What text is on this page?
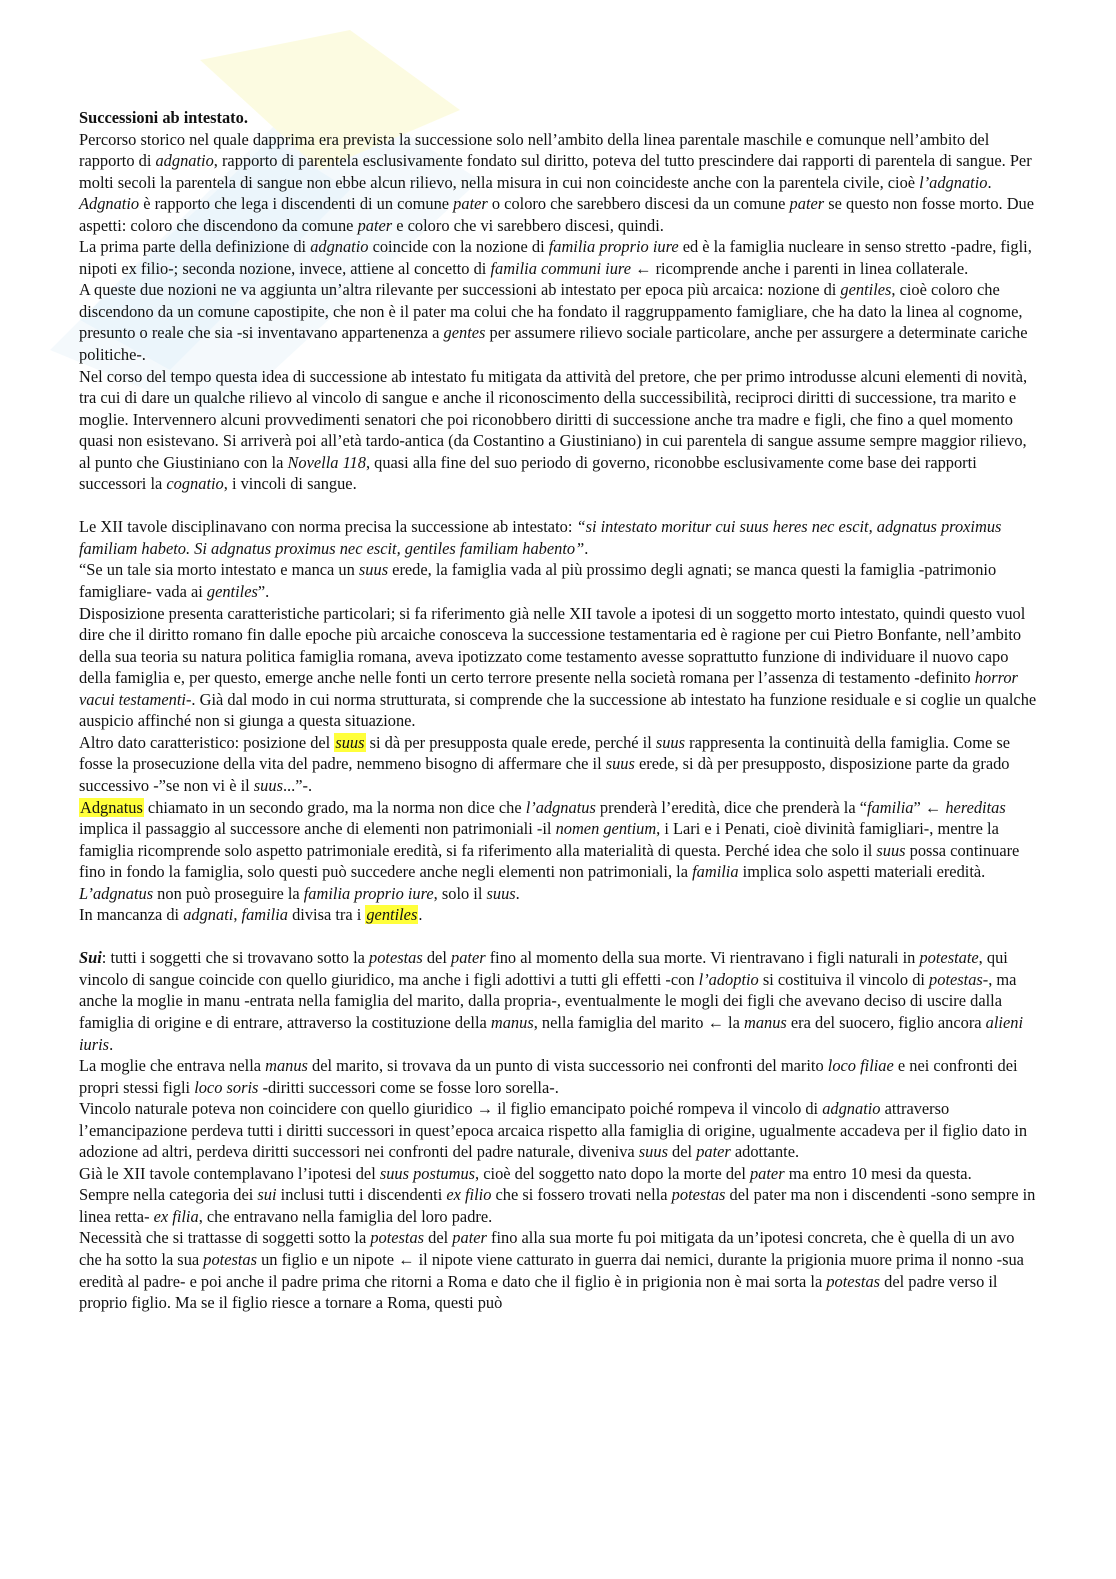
Successioni ab intestato.

Percorso storico nel quale dapprima era prevista la successione solo nell’ambito della linea parentale maschile e comunque nell’ambito del rapporto di adgnatio, rapporto di parentela esclusivamente fondato sul diritto, poteva del tutto prescindere dai rapporti di parentela di sangue. Per molti secoli la parentela di sangue non ebbe alcun rilievo, nella misura in cui non coincideste anche con la parentela civile, cioè l’adgnatio.

Adgnatio è rapporto che lega i discendenti di un comune pater o coloro che sarebbero discesi da un comune pater se questo non fosse morto. Due aspetti: coloro che discendono da comune pater e coloro che vi sarebbero discesi, quindi.

La prima parte della definizione di adgnatio coincide con la nozione di familia proprio iure ed è la famiglia nucleare in senso stretto -padre, figli, nipoti ex filio-; seconda nozione, invece, attiene al concetto di familia communi iure ← ricomprende anche i parenti in linea collaterale.

A queste due nozioni ne va aggiunta un’altra rilevante per successioni ab intestato per epoca più arcaica: nozione di gentiles, cioè coloro che discendono da un comune capostipite, che non è il pater ma colui che ha fondato il raggruppamento famigliare, che ha dato la linea al cognome, presunto o reale che sia -si inventavano appartenenza a gentes per assumere rilievo sociale particolare, anche per assurgere a determinate cariche politiche-.

Nel corso del tempo questa idea di successione ab intestato fu mitigata da attività del pretore, che per primo introdusse alcuni elementi di novità, tra cui di dare un qualche rilievo al vincolo di sangue e anche il riconoscimento della successibilità, reciproci diritti di successione, tra marito e moglie. Intervennero alcuni provvedimenti senatori che poi riconobbero diritti di successione anche tra madre e figli, che fino a quel momento quasi non esistevano. Si arriverà poi all’età tardo-antica (da Costantino a Giustiniano) in cui parentela di sangue assume sempre maggior rilievo, al punto che Giustiniano con la Novella 118, quasi alla fine del suo periodo di governo, riconobbe esclusivamente come base dei rapporti successori la cognatio, i vincoli di sangue.

Le XII tavole disciplinavano con norma precisa la successione ab intestato: “si intestato moritur cui suus heres nec escit, adgnatus proximus familiam habeto. Si adgnatus proximus nec escit, gentiles familiam habento”.

“Se un tale sia morto intestato e manca un suus erede, la famiglia vada al più prossimo degli agnati; se manca questi la famiglia -patrimonio famigliare- vada ai gentiles”.

Disposizione presenta caratteristiche particolari; si fa riferimento già nelle XII tavole a ipotesi di un soggetto morto intestato, quindi questo vuol dire che il diritto romano fin dalle epoche più arcaiche conosceva la successione testamentaria ed è ragione per cui Pietro Bonfante, nell’ambito della sua teoria su natura politica famiglia romana, aveva ipotizzato come testamento avesse soprattutto funzione di individuare il nuovo capo della famiglia e, per questo, emerge anche nelle fonti un certo terrore presente nella società romana per l’assenza di testamento -definito horror vacui testamenti-. Già dal modo in cui norma strutturata, si comprende che la successione ab intestato ha funzione residuale e si coglie un qualche auspicio affinché non si giunga a questa situazione.

Altro dato caratteristico: posizione del suus si dà per presupposta quale erede, perché il suus rappresenta la continuità della famiglia. Come se fosse la prosecuzione della vita del padre, nemmeno bisogno di affermare che il suus erede, si dà per presupposto, disposizione parte da grado successivo -”se non vi è il suus...”-.

Adgnatus chiamato in un secondo grado, ma la norma non dice che l’adgnatus prenderà l’eredità, dice che prenderà la “familia” ← hereditas implica il passaggio al successore anche di elementi non patrimoniali -il nomen gentium, i Lari e i Penati, cioè divinità famigliari-, mentre la famiglia ricomprende solo aspetto patrimoniale eredità, si fa riferimento alla materialità di questa. Perché idea che solo il suus possa continuare fino in fondo la famiglia, solo questi può succedere anche negli elementi non patrimoniali, la familia implica solo aspetti materiali eredità. L’adgnatus non può proseguire la familia proprio iure, solo il suus.

In mancanza di adgnati, familia divisa tra i gentiles.

Sui: tutti i soggetti che si trovavano sotto la potestas del pater fino al momento della sua morte. Vi rientravano i figli naturali in potestate, qui vincolo di sangue coincide con quello giuridico, ma anche i figli adottivi a tutti gli effetti -con l’adoptio si costituiva il vincolo di potestas-, ma anche la moglie in manu -entrata nella famiglia del marito, dalla propria-, eventualmente le mogli dei figli che avevano deciso di uscire dalla famiglia di origine e di entrare, attraverso la costituzione della manus, nella famiglia del marito ← la manus era del suocero, figlio ancora alieni iuris.

La moglie che entrava nella manus del marito, si trovava da un punto di vista successorio nei confronti del marito loco filiae e nei confronti dei propri stessi figli loco soris -diritti successori come se fosse loro sorella-.

Vincolo naturale poteva non coincidere con quello giuridico → il figlio emancipato poiché rompeva il vincolo di adgnatio attraverso l’emancipazione perdeva tutti i diritti successori in quest’epoca arcaica rispetto alla famiglia di origine, ugualmente accadeva per il figlio dato in adozione ad altri, perdeva diritti successori nei confronti del padre naturale, diveniva suus del pater adottante.

Già le XII tavole contemplavano l’ipotesi del suus postumus, cioè del soggetto nato dopo la morte del pater ma entro 10 mesi da questa.

Sempre nella categoria dei sui inclusi tutti i discendenti ex filio che si fossero trovati nella potestas del pater ma non i discendenti -sono sempre in linea retta- ex filia, che entravano nella famiglia del loro padre.

Necessità che si trattasse di soggetti sotto la potestas del pater fino alla sua morte fu poi mitigata da un’ipotesi concreta, che è quella di un avo che ha sotto la sua potestas un figlio e un nipote ← il nipote viene catturato in guerra dai nemici, durante la prigionia muore prima il nonno -sua eredità al padre- e poi anche il padre prima che ritorni a Roma e dato che il figlio è in prigionia non è mai sorta la potestas del padre verso il proprio figlio. Ma se il figlio riesce a tornare a Roma, questi può
